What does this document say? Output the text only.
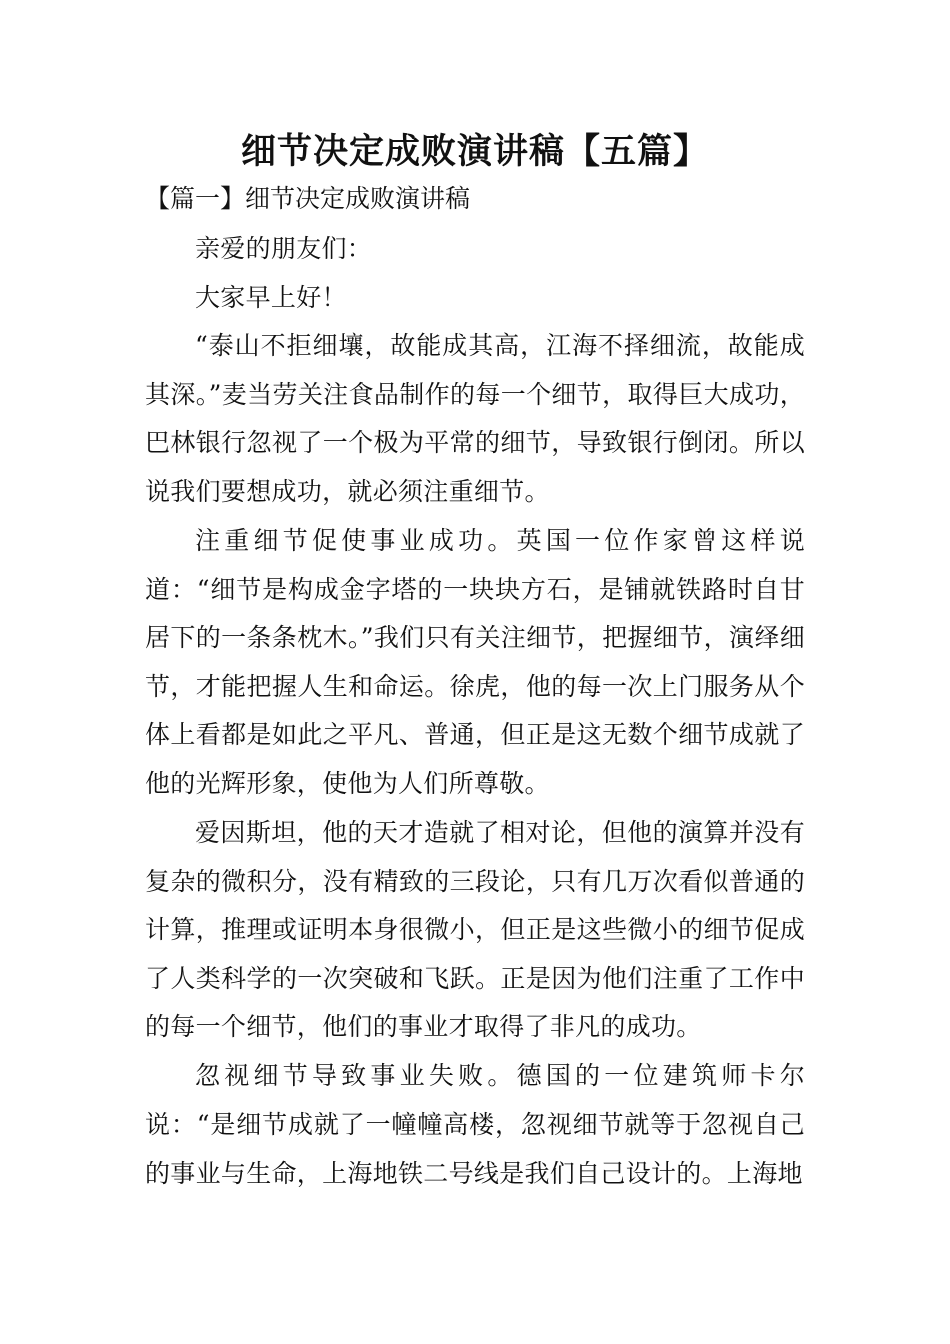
细节决定成败演讲稿【五篇】
【篇一】细节决定成败演讲稿

亲爱的朋友们：

大家早上好！

“泰山不拒细壤，故能成其高，江海不择细流，故能成其深。”麦当劳关注食品制作的每一个细节，取得巨大成功，巴林银行忽视了一个极为平常的细节，导致银行倒闭。所以说我们要想成功，就必须注重细节。

注重细节促使事业成功。英国一位作家曾这样说道：“细节是构成金字塔的一块块方石，是铺就铁路时自甘居下的一条条枕木。”我们只有关注细节，把握细节，演绎细节，才能把握人生和命运。徐虎，他的每一次上门服务从个体上看都是如此之平凡、普通，但正是这无数个细节成就了他的光辉形象，使他为人们所尊敬。

爱因斯坦，他的天才造就了相对论，但他的演算并没有复杂的微积分，没有精致的三段论，只有几万次看似普通的计算，推理或证明本身很微小，但正是这些微小的细节促成了人类科学的一次突破和飞跃。正是因为他们注重了工作中的每一个细节，他们的事业才取得了非凡的成功。

忽视细节导致事业失败。德国的一位建筑师卡尔说：“是细节成就了一幢幢高楼，忽视细节就等于忽视自己的事业与生命，上海地铁二号线是我们自己设计的。上海地
